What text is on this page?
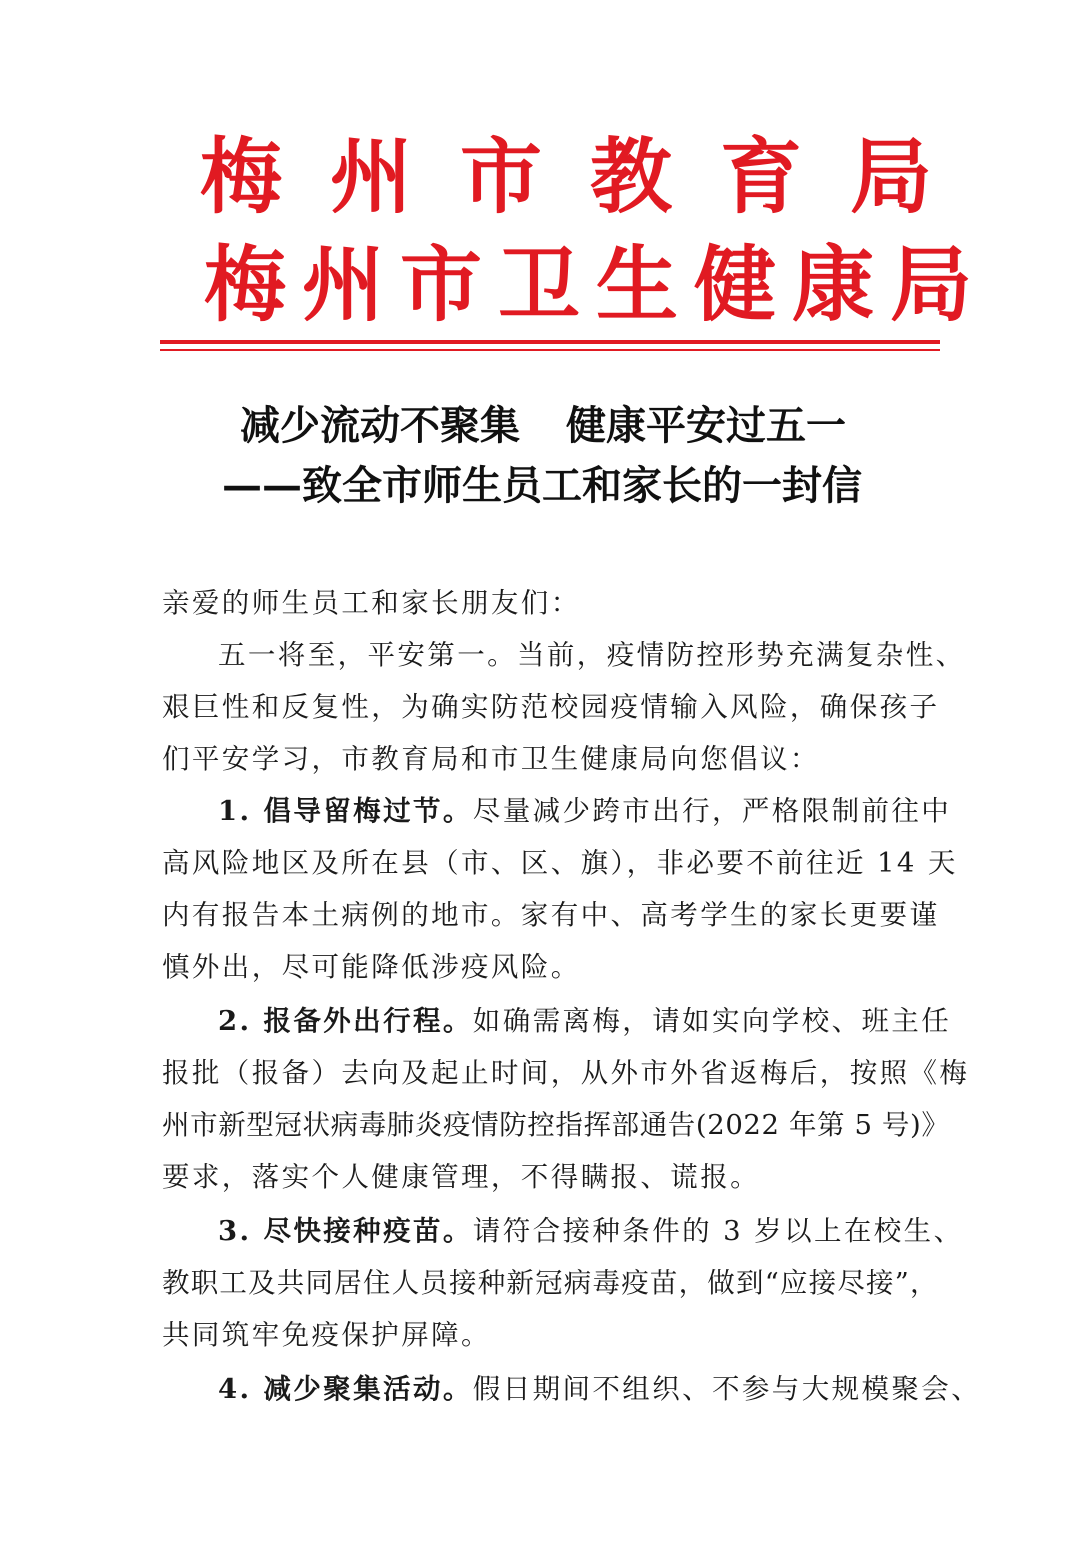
梅州市教育局
梅州市卫生健康局
减少流动不聚集 健康平安过五一
——致全市师生员工和家长的一封信
亲爱的师生员工和家长朋友们：
五一将至，平安第一。当前，疫情防控形势充满复杂性、
艰巨性和反复性，为确实防范校园疫情输入风险，确保孩子
们平安学习，市教育局和市卫生健康局向您倡议：
1. 倡导留梅过节。尽量减少跨市出行，严格限制前往中
高风险地区及所在县（市、区、旗），非必要不前往近 14 天
内有报告本土病例的地市。家有中、高考学生的家长更要谨
慎外出，尽可能降低涉疫风险。
2. 报备外出行程。如确需离梅，请如实向学校、班主任
报批（报备）去向及起止时间，从外市外省返梅后，按照《梅
州市新型冠状病毒肺炎疫情防控指挥部通告(2022 年第 5 号)》
要求，落实个人健康管理，不得瞒报、谎报。
3. 尽快接种疫苗。请符合接种条件的 3 岁以上在校生、
教职工及共同居住人员接种新冠病毒疫苗，做到“应接尽接”，
共同筑牢免疫保护屏障。
4. 减少聚集活动。假日期间不组织、不参与大规模聚会、
